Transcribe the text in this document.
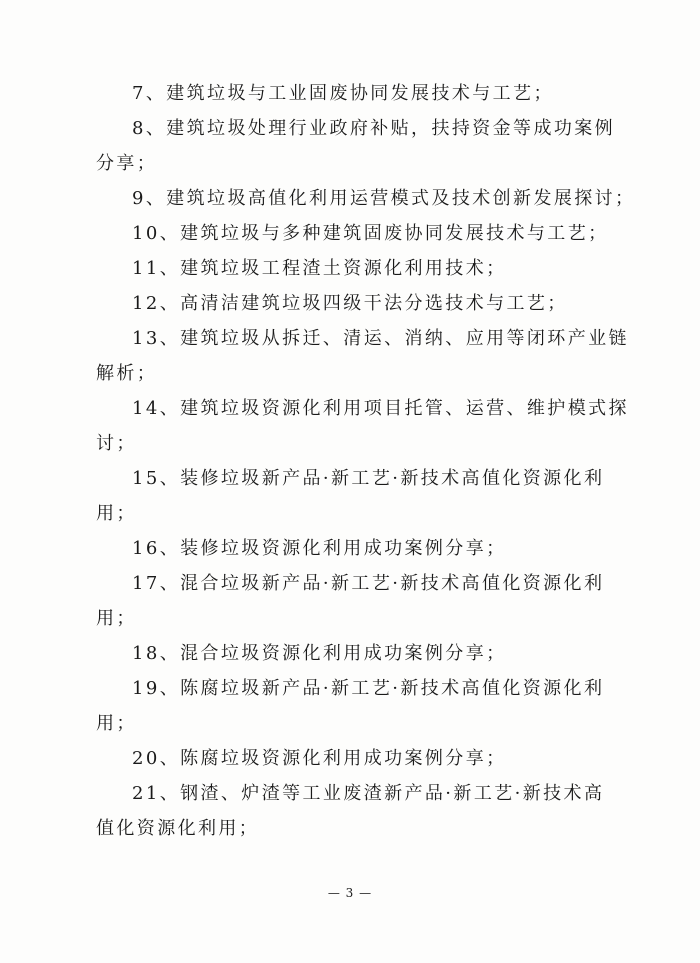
7、建筑垃圾与工业固废协同发展技术与工艺；

8、建筑垃圾处理行业政府补贴，扶持资金等成功案例

分享；

9、建筑垃圾高值化利用运营模式及技术创新发展探讨；

10、建筑垃圾与多种建筑固废协同发展技术与工艺；

11、建筑垃圾工程渣土资源化利用技术；

12、高清洁建筑垃圾四级干法分选技术与工艺；

13、建筑垃圾从拆迁、清运、消纳、应用等闭环产业链

解析；

14、建筑垃圾资源化利用项目托管、运营、维护模式探

讨；

15、装修垃圾新产品·新工艺·新技术高值化资源化利

用；

16、装修垃圾资源化利用成功案例分享；

17、混合垃圾新产品·新工艺·新技术高值化资源化利

用；

18、混合垃圾资源化利用成功案例分享；

19、陈腐垃圾新产品·新工艺·新技术高值化资源化利

用；

20、陈腐垃圾资源化利用成功案例分享；

21、钢渣、炉渣等工业废渣新产品·新工艺·新技术高

值化资源化利用；

— 3 —
